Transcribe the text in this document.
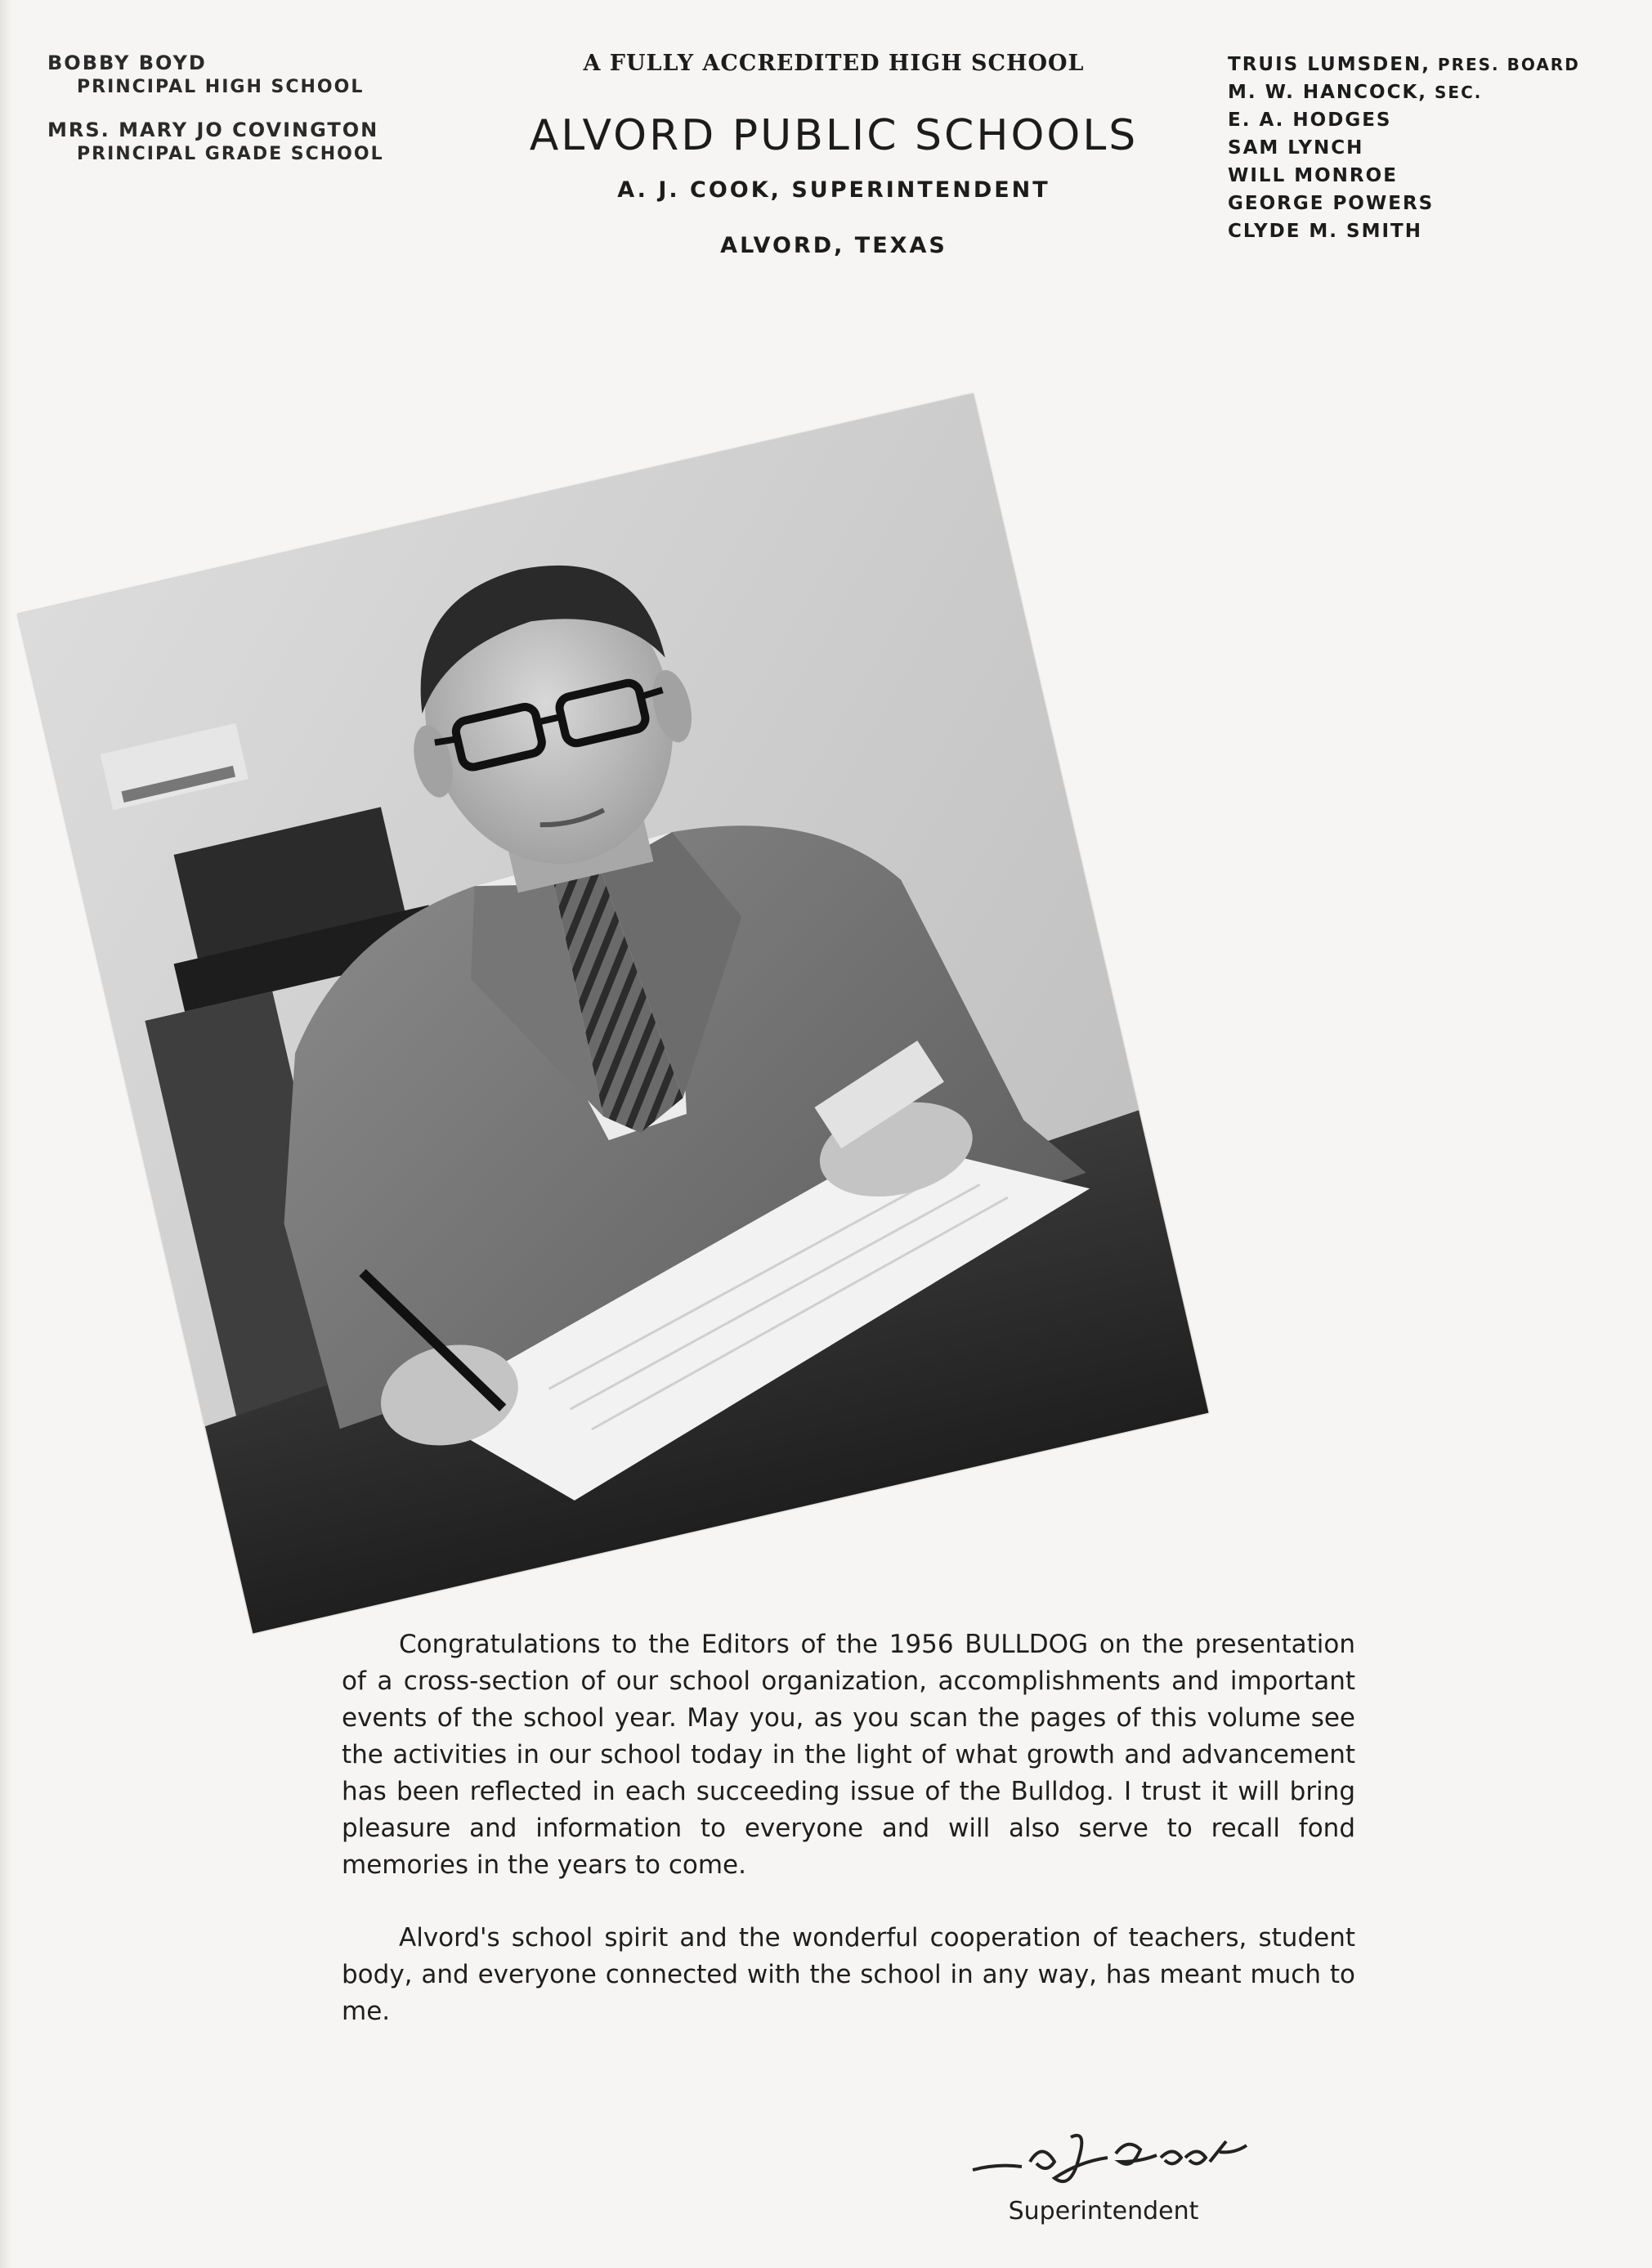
BOBBY BOYD
PRINCIPAL HIGH SCHOOL
MRS. MARY JO COVINGTON
PRINCIPAL GRADE SCHOOL
A FULLY ACCREDITED HIGH SCHOOL
ALVORD PUBLIC SCHOOLS
A. J. COOK, SUPERINTENDENT
ALVORD, TEXAS
TRUIS LUMSDEN, PRES. BOARD
M. W. HANCOCK, SEC.
E. A. HODGES
SAM LYNCH
WILL MONROE
GEORGE POWERS
CLYDE M. SMITH

Congratulations to the Editors of the 1956 BULLDOG on the presentation of a cross-section of our school organization, accomplishments and important events of the school year. May you, as you scan the pages of this volume see the activities in our school today in the light of what growth and advancement has been reflected in each succeeding issue of the Bulldog. I trust it will bring pleasure and information to everyone and will also serve to recall fond memories in the years to come.

Alvord's school spirit and the wonderful cooperation of teachers, student body, and everyone connected with the school in any way, has meant much to me.

Superintendent
